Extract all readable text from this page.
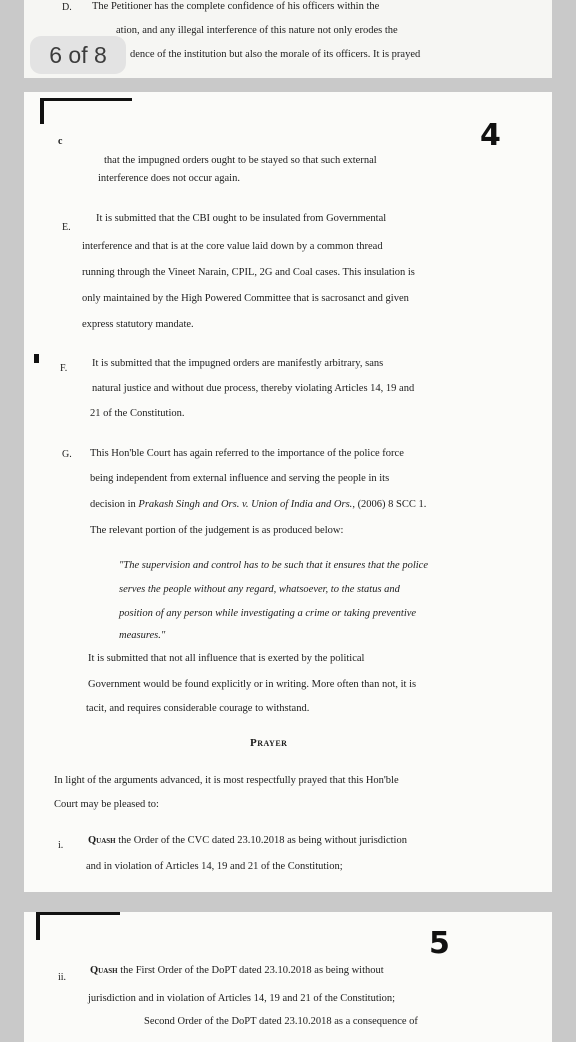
D. The Petitioner has the complete confidence of his officers within the
ation, and any illegal interference of this nature not only erodes the
dence of the institution but also the morale of its officers. It is prayed
4
c
that the impugned orders ought to be stayed so that such external
interference does not occur again.
E.
It is submitted that the CBI ought to be insulated from Governmental
interference and that is at the core value laid down by a common thread
running through the Vineet Narain, CPIL, 2G and Coal cases. This insulation is
only maintained by the High Powered Committee that is sacrosanct and given
express statutory mandate.
F. It is submitted that the impugned orders are manifestly arbitrary, sans
natural justice and without due process, thereby violating Articles 14, 19 and
21 of the Constitution.
G. This Hon'ble Court has again referred to the importance of the police force
being independent from external influence and serving the people in its
decision in Prakash Singh and Ors. v. Union of India and Ors., (2006) 8 SCC 1.
The relevant portion of the judgement is as produced below:
"The supervision and control has to be such that it ensures that the police
serves the people without any regard, whatsoever, to the status and
position of any person while investigating a crime or taking preventive
measures."
It is submitted that not all influence that is exerted by the political
Government would be found explicitly or in writing. More often than not, it is
tacit, and requires considerable courage to withstand.
Prayer
In light of the arguments advanced, it is most respectfully prayed that this Hon'ble
Court may be pleased to:
i. Quash the Order of the CVC dated 23.10.2018 as being without jurisdiction
and in violation of Articles 14, 19 and 21 of the Constitution;
5
ii.
Quash the First Order of the DoPT dated 23.10.2018 as being without
jurisdiction and in violation of Articles 14, 19 and 21 of the Constitution;
Second Order of the DoPT dated 23.10.2018 as a consequence of
6 of 8
